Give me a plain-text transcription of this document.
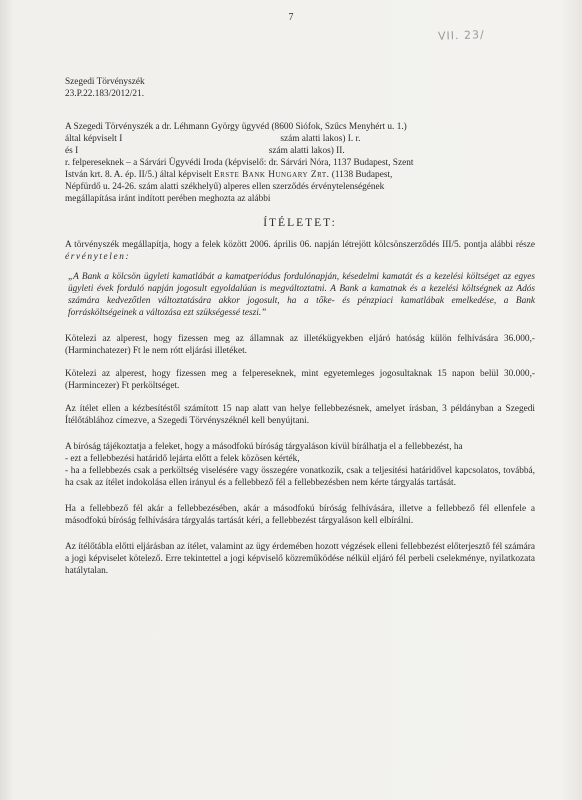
7
VII. 23/
Szegedi Törvényszék
23.P.22.183/2012/21.
A Szegedi Törvényszék a dr. Léhmann György ügyvéd (8600 Siófok, Szűcs Menyhért u. 1.)
által képviselt I                                                                    szám alatti lakos) I. r.
és I                                                                                  szám alatti lakos) II.
r. felpereseknek – a Sárvári Ügyvédi Iroda (képviselő: dr. Sárvári Nóra, 1137 Budapest, Szent
István krt. 8. A. ép. II/5.) által képviselt Erste Bank Hungary Zrt. (1138 Budapest,
Népfürdő u. 24-26. szám alatti székhelyű) alperes ellen szerződés érvénytelenségének
megállapítása iránt indított perében meghozta az alábbi
ÍTÉLETET:

A törvényszék megállapítja, hogy a felek között 2006. április 06. napján létrejött kölcsönszerződés III/5. pontja alábbi része érvénytelen:

„A Bank a kölcsön ügyleti kamatlábát a kamatperiódus fordulónapján, késedelmi kamatát és a kezelési költséget az egyes ügyleti évek forduló napján jogosult egyoldalúan is megváltoztatni. A Bank a kamatnak és a kezelési költségnek az Adós számára kedvezőtlen változtatására akkor jogosult, ha a tőke- és pénzpiaci kamatlábak emelkedése, a Bank forrásköltségeinek a változása ezt szükségessé teszi.”

Kötelezi az alperest, hogy fizessen meg az államnak az illetékügyekben eljáró hatóság külön felhívására 36.000,- (Harminchatezer) Ft le nem rótt eljárási illetéket.

Kötelezi az alperest, hogy fizessen meg a felpereseknek, mint egyetemleges jogosultaknak 15 napon belül 30.000,- (Harmincezer) Ft perköltséget.

Az ítélet ellen a kézbesítéstől számított 15 nap alatt van helye fellebbezésnek, amelyet írásban, 3 példányban a Szegedi Ítélőtáblához címezve, a Szegedi Törvényszéknél kell benyújtani.

A bíróság tájékoztatja a feleket, hogy a másodfokú bíróság tárgyaláson kívül bírálhatja el a fellebbezést, ha

- ezt a fellebbezési határidő lejárta előtt a felek közösen kérték,

- ha a fellebbezés csak a perköltség viselésére vagy összegére vonatkozik, csak a teljesítési határidővel kapcsolatos, továbbá, ha csak az ítélet indokolása ellen irányul és a fellebbező fél a fellebbezésben nem kérte tárgyalás tartását.

Ha a fellebbező fél akár a fellebbezésében, akár a másodfokú bíróság felhívására, illetve a fellebbező fél ellenfele a másodfokú bíróság felhívására tárgyalás tartását kéri, a fellebbezést tárgyaláson kell elbírálni.

Az ítélőtábla előtti eljárásban az ítélet, valamint az ügy érdemében hozott végzések elleni fellebbezést előterjesztő fél számára a jogi képviselet kötelező. Erre tekintettel a jogi képviselő közreműködése nélkül eljáró fél perbeli cselekménye, nyilatkozata hatálytalan.
